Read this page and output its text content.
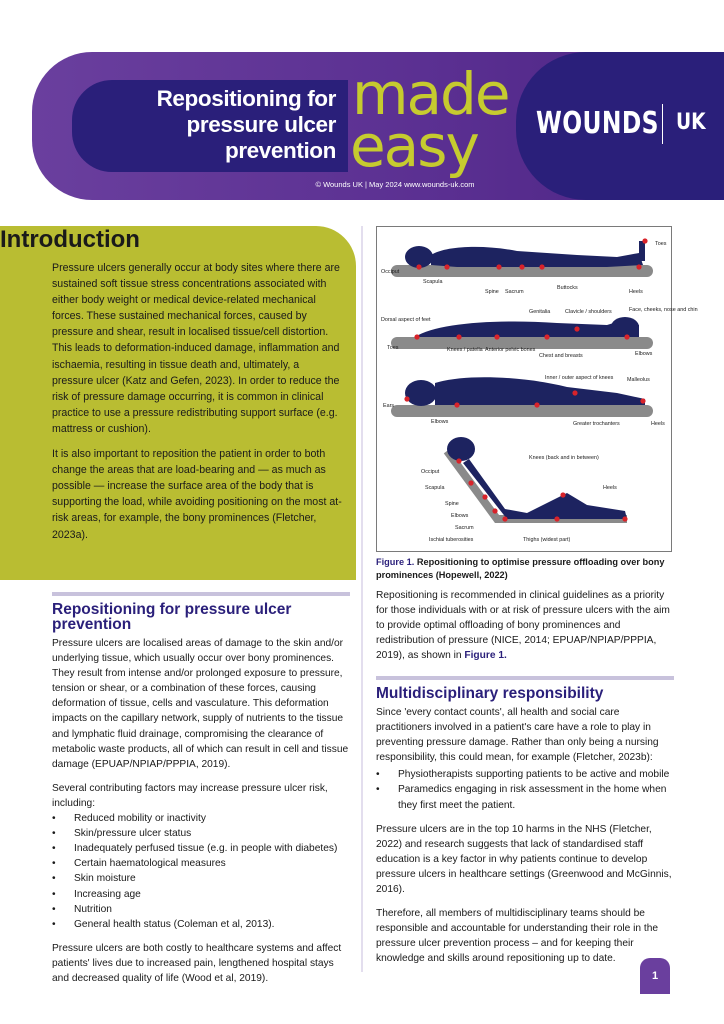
Repositioning for
pressure ulcer
prevention
made
easy WOUNDS UK
© Wounds UK | May 2024 www.wounds-uk.com
Introduction

Pressure ulcers generally occur at body sites where there are sustained soft tissue stress concentrations associated with either body weight or medical device-related mechanical forces. These sustained mechanical forces, caused by pressure and shear, result in localised tissue/cell distortion. This leads to deformation-induced damage, inflammation and ischaemia, resulting in tissue death and, ultimately, a pressure ulcer (Katz and Gefen, 2023). In order to reduce the risk of pressure damage occurring, it is common in clinical practice to use a pressure redistributing support surface (e.g. mattress or cushion).

It is also important to reposition the patient in order to both change the areas that are load-bearing and — as much as possible — increase the surface area of the body that is supporting the load, while avoiding positioning on the most at-risk areas, for example, the bony prominences (Fletcher, 2023a).

Repositioning for pressure ulcer prevention

Pressure ulcers are localised areas of damage to the skin and/or underlying tissue, which usually occur over bony prominences. They result from intense and/or prolonged exposure to pressure, tension or shear, or a combination of these forces, causing deformation of tissue, cells and vasculature. This deformation impacts on the capillary network, supply of nutrients to the tissue and lymphatic fluid drainage, compromising the clearance of metabolic waste products, all of which can result in cell and tissue damage (EPUAP/NPIAP/PPPIA, 2019).

Several contributing factors may increase pressure ulcer risk, including:

• Reduced mobility or inactivity
• Skin/pressure ulcer status
• Inadequately perfused tissue (e.g. in people with diabetes)
• Certain haematological measures
• Skin moisture
• Increasing age
• Nutrition
• General health status (Coleman et al, 2013).

Pressure ulcers are both costly to healthcare systems and affect patients' lives due to increased pain, lengthened hospital stays and decreased quality of life (Wood et al, 2019).

Toes
Occiput
Scapula
Spine Sacrum
Buttocks
Heels
Genitalia	Clavicle / shoulders	Face, cheeks, nose and chin
Dorsal aspect of feet
Toes	Knees / patella Anterior pelvic bones
Chest and breasts	Elbows
Inner / outer aspect of knees	Malleolus
Ears
Elbows	Greater trochanters	Heels
Occiput
Knees (back and in between)
Scapula	Heels
Spine
Elbows
Sacrum
Ischial tuberosities	Thighs (widest part)
Figure 1. Repositioning to optimise pressure offloading over bony prominences (Hopewell, 2022)
Repositioning is recommended in clinical guidelines as a priority for those individuals with or at risk of pressure ulcers with the aim to provide optimal offloading of bony prominences and redistribution of pressure (NICE, 2014; EPUAP/NPIAP/PPPIA, 2019), as shown in Figure 1.
Multidisciplinary responsibility

Since 'every contact counts', all health and social care practitioners involved in a patient's care have a role to play in preventing pressure damage. Rather than only being a nursing responsibility, this could mean, for example (Fletcher, 2023b):

• Physiotherapists supporting patients to be active and mobile
• Paramedics engaging in risk assessment in the home when they first meet the patient.

Pressure ulcers are in the top 10 harms in the NHS (Fletcher, 2022) and research suggests that lack of standardised staff education is a key factor in why patients continue to develop pressure ulcers in healthcare settings (Greenwood and McGinnis, 2016).

Therefore, all members of multidisciplinary teams should be responsible and accountable for understanding their role in the pressure ulcer prevention process – and for keeping their knowledge and skills around repositioning up to date.

1
